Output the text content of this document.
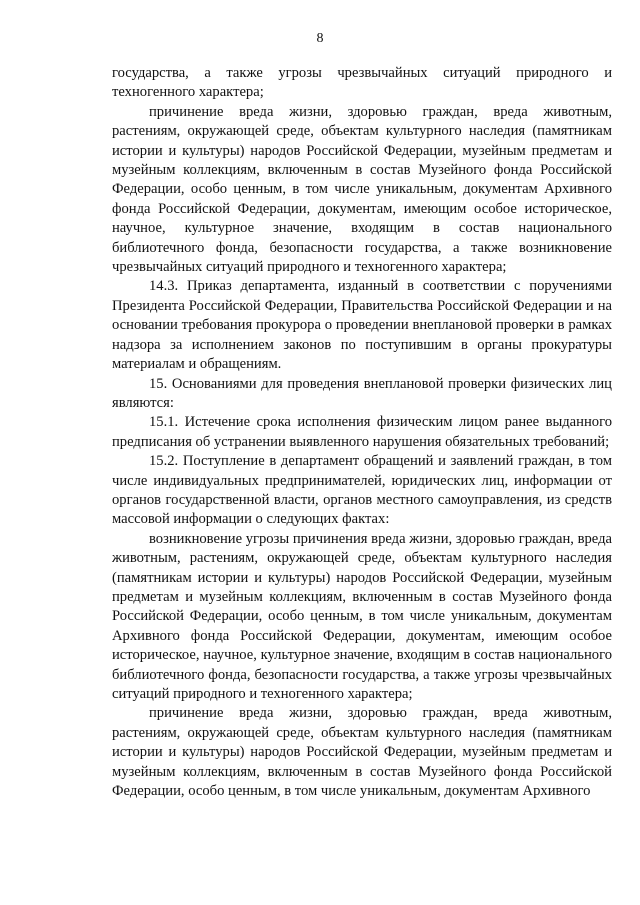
8

государства, а также угрозы чрезвычайных ситуаций природного и техногенного характера;

причинение вреда жизни, здоровью граждан, вреда животным, растениям, окружающей среде, объектам культурного наследия (памятникам истории и культуры) народов Российской Федерации, музейным предметам и музейным коллекциям, включенным в состав Музейного фонда Российской Федерации, особо ценным, в том числе уникальным, документам Архивного фонда Российской Федерации, документам, имеющим особое историческое, научное, культурное значение, входящим в состав национального библиотечного фонда, безопасности государства, а также возникновение чрезвычайных ситуаций природного и техногенного характера;

14.3. Приказ департамента, изданный в соответствии с поручениями Президента Российской Федерации, Правительства Российской Федерации и на основании требования прокурора о проведении внеплановой проверки в рамках надзора за исполнением законов по поступившим в органы прокуратуры материалам и обращениям.

15. Основаниями для проведения внеплановой проверки физических лиц являются:

15.1. Истечение срока исполнения физическим лицом ранее выданного предписания об устранении выявленного нарушения обязательных требований;

15.2. Поступление в департамент обращений и заявлений граждан, в том числе индивидуальных предпринимателей, юридических лиц, информации от органов государственной власти, органов местного самоуправления, из средств массовой информации о следующих фактах:

возникновение угрозы причинения вреда жизни, здоровью граждан, вреда животным, растениям, окружающей среде, объектам культурного наследия (памятникам истории и культуры) народов Российской Федерации, музейным предметам и музейным коллекциям, включенным в состав Музейного фонда Российской Федерации, особо ценным, в том числе уникальным, документам Архивного фонда Российской Федерации, документам, имеющим особое историческое, научное, культурное значение, входящим в состав национального библиотечного фонда, безопасности государства, а также угрозы чрезвычайных ситуаций природного и техногенного характера;

причинение вреда жизни, здоровью граждан, вреда животным, растениям, окружающей среде, объектам культурного наследия (памятникам истории и культуры) народов Российской Федерации, музейным предметам и музейным коллекциям, включенным в состав Музейного фонда Российской Федерации, особо ценным, в том числе уникальным, документам Архивного
